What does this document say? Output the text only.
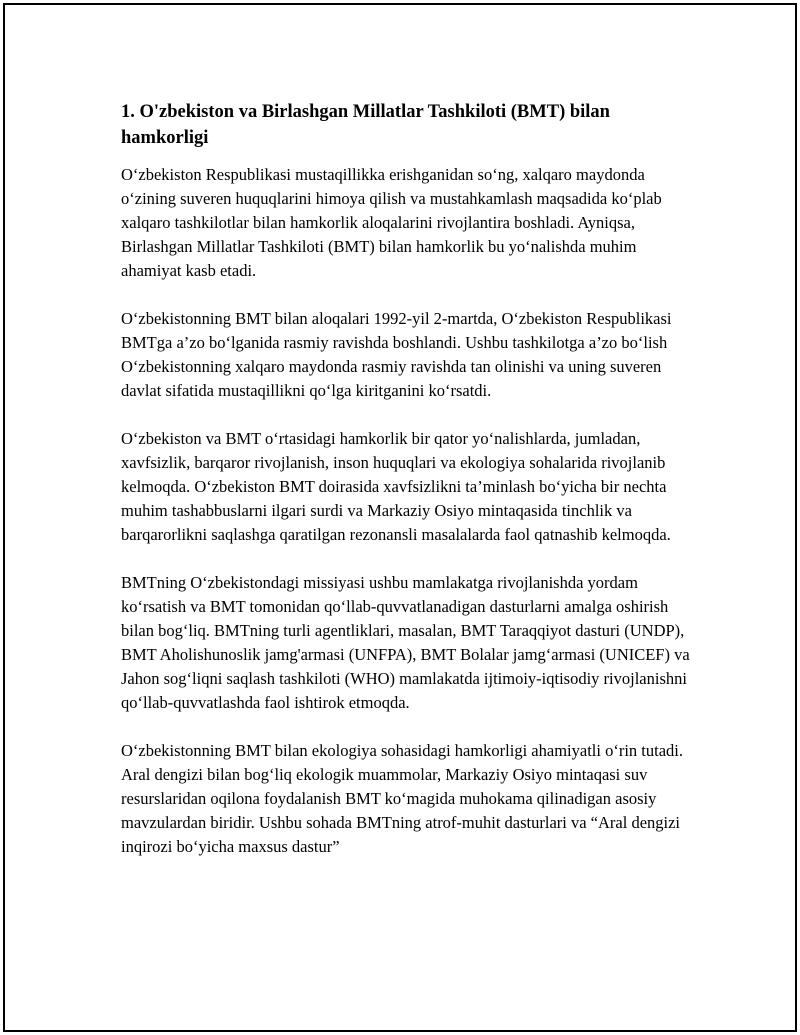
1. O'zbekiston va Birlashgan Millatlar Tashkiloti (BMT) bilan hamkorligi

O‘zbekiston Respublikasi mustaqillikka erishganidan so‘ng, xalqaro maydonda o‘zining suveren huquqlarini himoya qilish va mustahkamlash maqsadida ko‘plab xalqaro tashkilotlar bilan hamkorlik aloqalarini rivojlantira boshladi. Ayniqsa, Birlashgan Millatlar Tashkiloti (BMT) bilan hamkorlik bu yo‘nalishda muhim ahamiyat kasb etadi.

O‘zbekistonning BMT bilan aloqalari 1992-yil 2-martda, O‘zbekiston Respublikasi BMTga a’zo bo‘lganida rasmiy ravishda boshlandi. Ushbu tashkilotga a’zo bo‘lish O‘zbekistonning xalqaro maydonda rasmiy ravishda tan olinishi va uning suveren davlat sifatida mustaqillikni qo‘lga kiritganini ko‘rsatdi.

O‘zbekiston va BMT o‘rtasidagi hamkorlik bir qator yo‘nalishlarda, jumladan, xavfsizlik, barqaror rivojlanish, inson huquqlari va ekologiya sohalarida rivojlanib kelmoqda. O‘zbekiston BMT doirasida xavfsizlikni ta’minlash bo‘yicha bir nechta muhim tashabbuslarni ilgari surdi va Markaziy Osiyo mintaqasida tinchlik va barqarorlikni saqlashga qaratilgan rezonansli masalalarda faol qatnashib kelmoqda.

BMTning O‘zbekistondagi missiyasi ushbu mamlakatga rivojlanishda yordam ko‘rsatish va BMT tomonidan qo‘llab-quvvatlanadigan dasturlarni amalga oshirish bilan bog‘liq. BMTning turli agentliklari, masalan, BMT Taraqqiyot dasturi (UNDP), BMT Aholishunoslik jamg'armasi (UNFPA), BMT Bolalar jamg‘armasi (UNICEF) va Jahon sog‘liqni saqlash tashkiloti (WHO) mamlakatda ijtimoiy-iqtisodiy rivojlanishni qo‘llab-quvvatlashda faol ishtirok etmoqda.

O‘zbekistonning BMT bilan ekologiya sohasidagi hamkorligi ahamiyatli o‘rin tutadi. Aral dengizi bilan bog‘liq ekologik muammolar, Markaziy Osiyo mintaqasi suv resurslaridan oqilona foydalanish BMT ko‘magida muhokama qilinadigan asosiy mavzulardan biridir. Ushbu sohada BMTning atrof-muhit dasturlari va “Aral dengizi inqirozi bo‘yicha maxsus dastur”
